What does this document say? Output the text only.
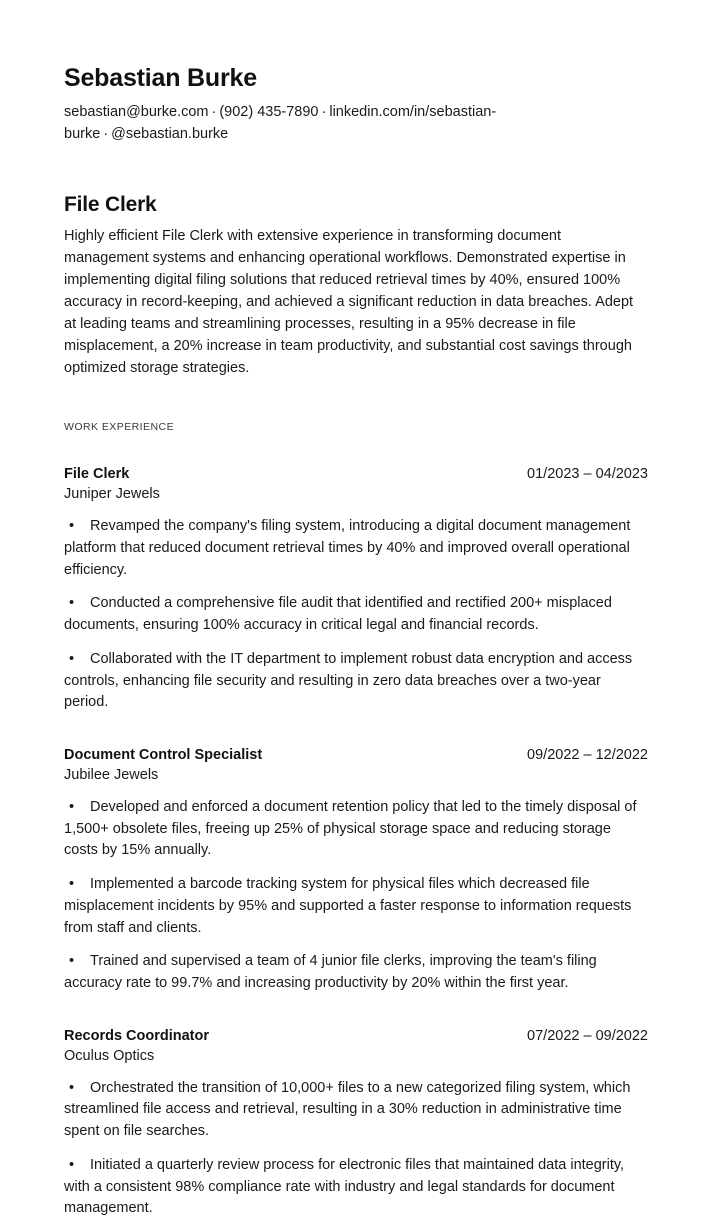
Sebastian Burke

sebastian@burke.com · (902) 435-7890 · linkedin.com/in/sebastian-burke · @sebastian.burke

File Clerk

Highly efficient File Clerk with extensive experience in transforming document management systems and enhancing operational workflows. Demonstrated expertise in implementing digital filing solutions that reduced retrieval times by 40%, ensured 100% accuracy in record-keeping, and achieved a significant reduction in data breaches. Adept at leading teams and streamlining processes, resulting in a 95% decrease in file misplacement, a 20% increase in team productivity, and substantial cost savings through optimized storage strategies.

WORK EXPERIENCE
File Clerk	01/2023 – 04/2023
Juniper Jewels
• Revamped the company's filing system, introducing a digital document management platform that reduced document retrieval times by 40% and improved overall operational efficiency.
• Conducted a comprehensive file audit that identified and rectified 200+ misplaced documents, ensuring 100% accuracy in critical legal and financial records.
• Collaborated with the IT department to implement robust data encryption and access controls, enhancing file security and resulting in zero data breaches over a two-year period.
Document Control Specialist	09/2022 – 12/2022
Jubilee Jewels
• Developed and enforced a document retention policy that led to the timely disposal of 1,500+ obsolete files, freeing up 25% of physical storage space and reducing storage costs by 15% annually.
• Implemented a barcode tracking system for physical files which decreased file misplacement incidents by 95% and supported a faster response to information requests from staff and clients.
• Trained and supervised a team of 4 junior file clerks, improving the team's filing accuracy rate to 99.7% and increasing productivity by 20% within the first year.
Records Coordinator	07/2022 – 09/2022
Oculus Optics
• Orchestrated the transition of 10,000+ files to a new categorized filing system, which streamlined file access and retrieval, resulting in a 30% reduction in administrative time spent on file searches.
• Initiated a quarterly review process for electronic files that maintained data integrity, with a consistent 98% compliance rate with industry and legal standards for document management.
